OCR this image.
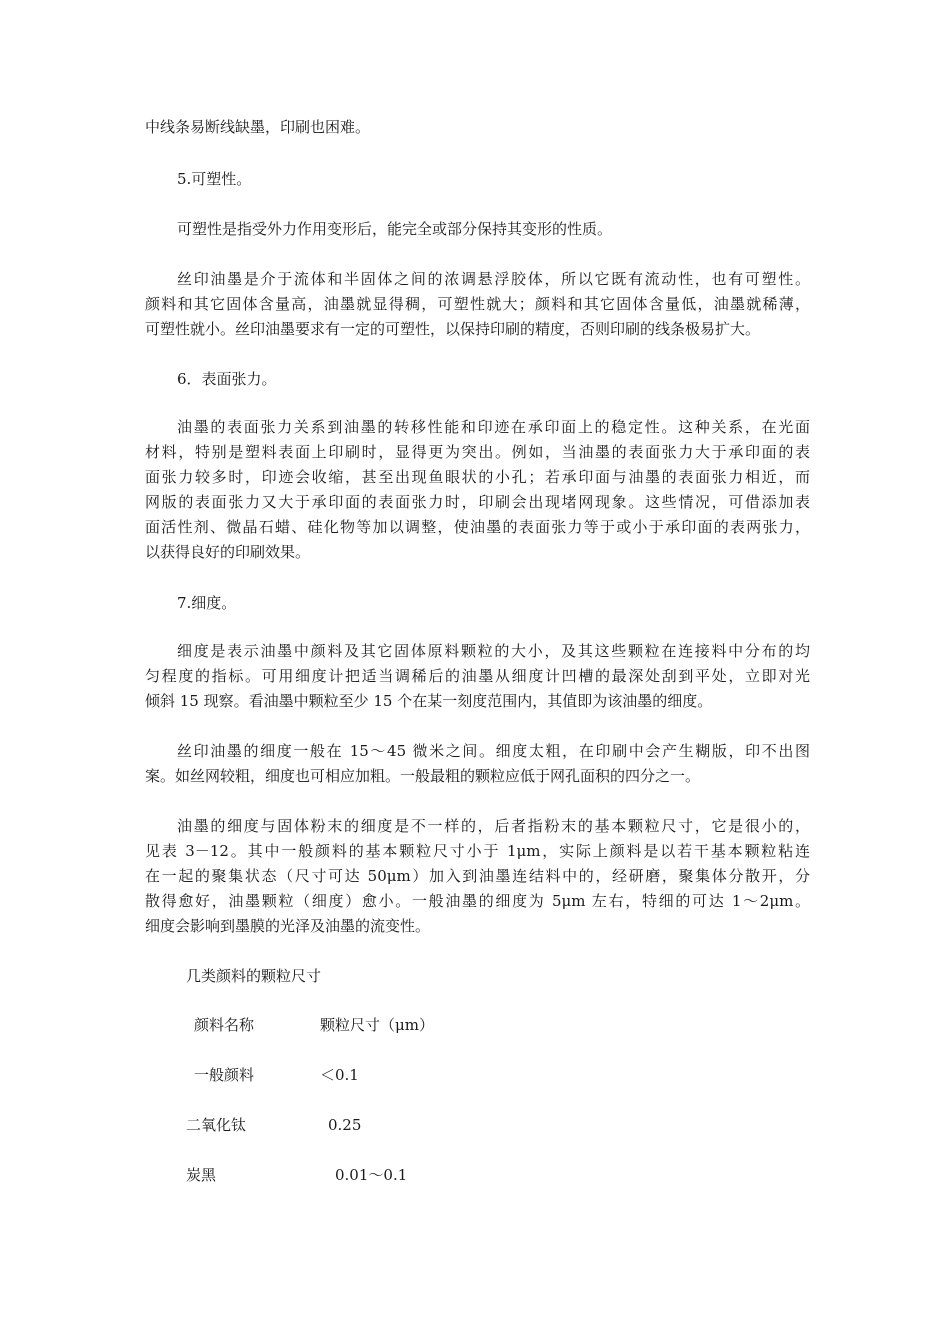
中线条易断线缺墨，印刷也困难。
5.可塑性。
可塑性是指受外力作用变形后，能完全或部分保持其变形的性质。
丝印油墨是介于流体和半固体之间的浓调悬浮胶体，所以它既有流动性，也有可塑性。
颜料和其它固体含量高，油墨就显得稠，可塑性就大；颜料和其它固体含量低，油墨就稀薄，
可塑性就小。丝印油墨要求有一定的可塑性，以保持印刷的精度，否则印刷的线条极易扩大。
6．表面张力。
油墨的表面张力关系到油墨的转移性能和印迹在承印面上的稳定性。这种关系，在光面
材料，特别是塑料表面上印刷时，显得更为突出。例如，当油墨的表面张力大于承印面的表
面张力较多时，印迹会收缩，甚至出现鱼眼状的小孔；若承印面与油墨的表面张力相近，而
网版的表面张力又大于承印面的表面张力时，印刷会出现堵网现象。这些情况，可借添加表
面活性剂、微晶石蜡、硅化物等加以调整，使油墨的表面张力等于或小于承印面的表两张力，
以获得良好的印刷效果。
7.细度。
细度是表示油墨中颜料及其它固体原料颗粒的大小，及其这些颗粒在连接料中分布的均
匀程度的指标。可用细度计把适当调稀后的油墨从细度计凹槽的最深处刮到平处，立即对光
倾斜 15 现察。看油墨中颗粒至少 15 个在某一刻度范围内，其值即为该油墨的细度。
丝印油墨的细度一般在 15～45 微米之间。细度太粗，在印刷中会产生糊版，印不出图
案。如丝网较粗，细度也可相应加粗。一般最粗的颗粒应低于网孔面积的四分之一。
油墨的细度与固体粉末的细度是不一样的，后者指粉末的基本颗粒尺寸，它是很小的，
见表 3－12。其中一般颜料的基本颗粒尺寸小于 1μm，实际上颜料是以若干基本颗粒粘连
在一起的聚集状态（尺寸可达 50μm）加入到油墨连结料中的，经研磨，聚集体分散开，分
散得愈好，油墨颗粒（细度）愈小。一般油墨的细度为 5μm 左右，特细的可达 1～2μm。
细度会影响到墨膜的光泽及油墨的流变性。
几类颜料的颗粒尺寸
颜料名称	颗粒尺寸（μm）
一般颜料	＜0.1
二氧化钛	0.25
炭黑	0.01～0.1
